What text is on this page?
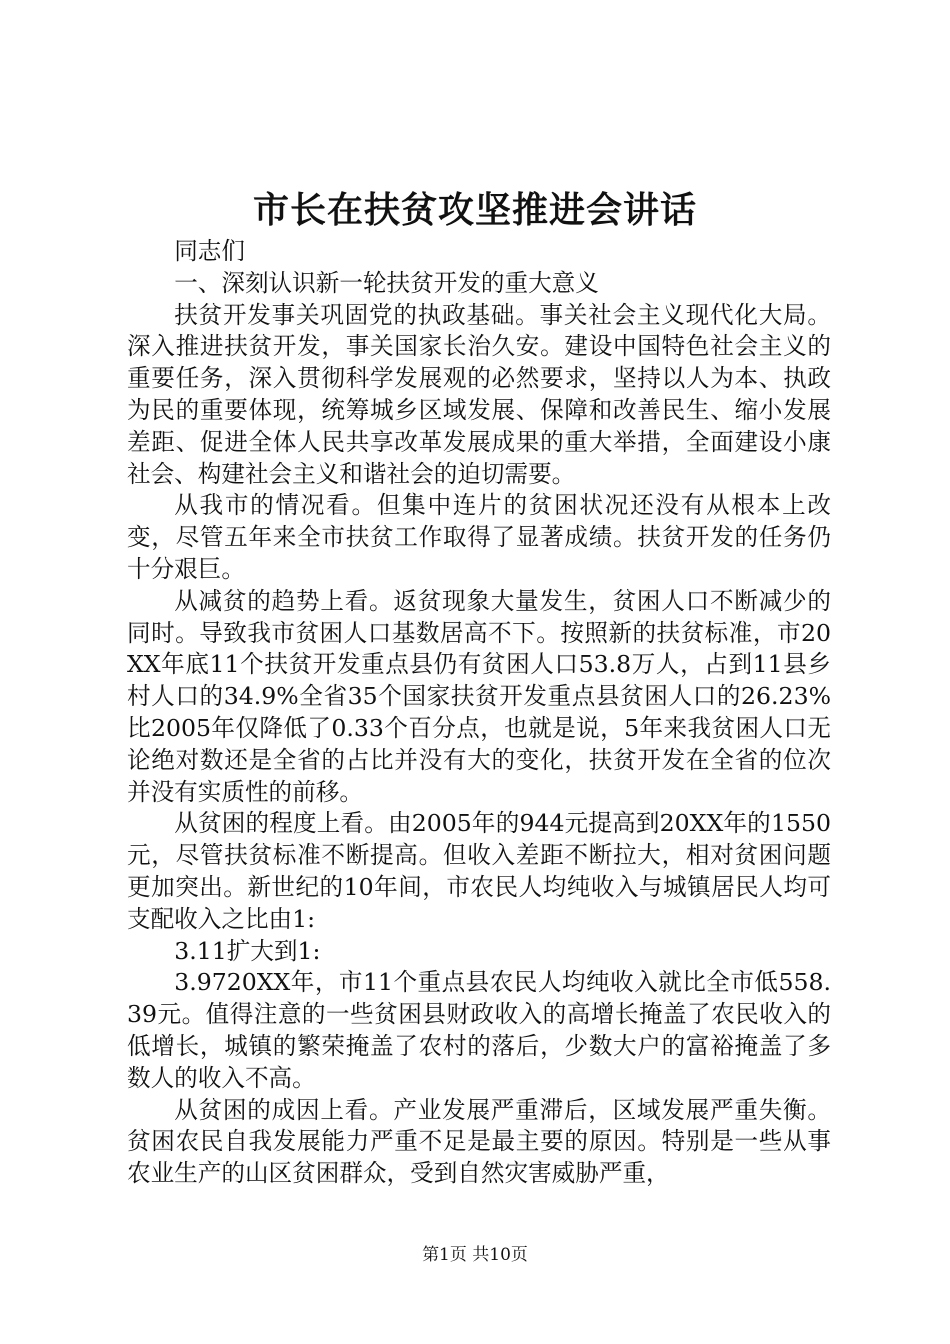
市长在扶贫攻坚推进会讲话

同志们

一、深刻认识新一轮扶贫开发的重大意义

扶贫开发事关巩固党的执政基础。事关社会主义现代化大局。深入推进扶贫开发，事关国家长治久安。建设中国特色社会主义的重要任务，深入贯彻科学发展观的必然要求，坚持以人为本、执政为民的重要体现，统筹城乡区域发展、保障和改善民生、缩小发展差距、促进全体人民共享改革发展成果的重大举措，全面建设小康社会、构建社会主义和谐社会的迫切需要。

从我市的情况看。但集中连片的贫困状况还没有从根本上改变，尽管五年来全市扶贫工作取得了显著成绩。扶贫开发的任务仍十分艰巨。

从减贫的趋势上看。返贫现象大量发生，贫困人口不断减少的同时。导致我市贫困人口基数居高不下。按照新的扶贫标准，市20XX年底11个扶贫开发重点县仍有贫困人口53.8万人，占到11县乡村人口的34.9%全省35个国家扶贫开发重点县贫困人口的26.23%比2005年仅降低了0.33个百分点，也就是说，5年来我贫困人口无论绝对数还是全省的占比并没有大的变化，扶贫开发在全省的位次并没有实质性的前移。

从贫困的程度上看。由2005年的944元提高到20XX年的1550元，尽管扶贫标准不断提高。但收入差距不断拉大，相对贫困问题更加突出。新世纪的10年间，市农民人均纯收入与城镇居民人均可支配收入之比由1:

3.11扩大到1:

3.9720XX年，市11个重点县农民人均纯收入就比全市低558.39元。值得注意的一些贫困县财政收入的高增长掩盖了农民收入的低增长，城镇的繁荣掩盖了农村的落后，少数大户的富裕掩盖了多数人的收入不高。

从贫困的成因上看。产业发展严重滞后，区域发展严重失衡。贫困农民自我发展能力严重不足是最主要的原因。特别是一些从事农业生产的山区贫困群众，受到自然灾害威胁严重，

第1页 共10页
